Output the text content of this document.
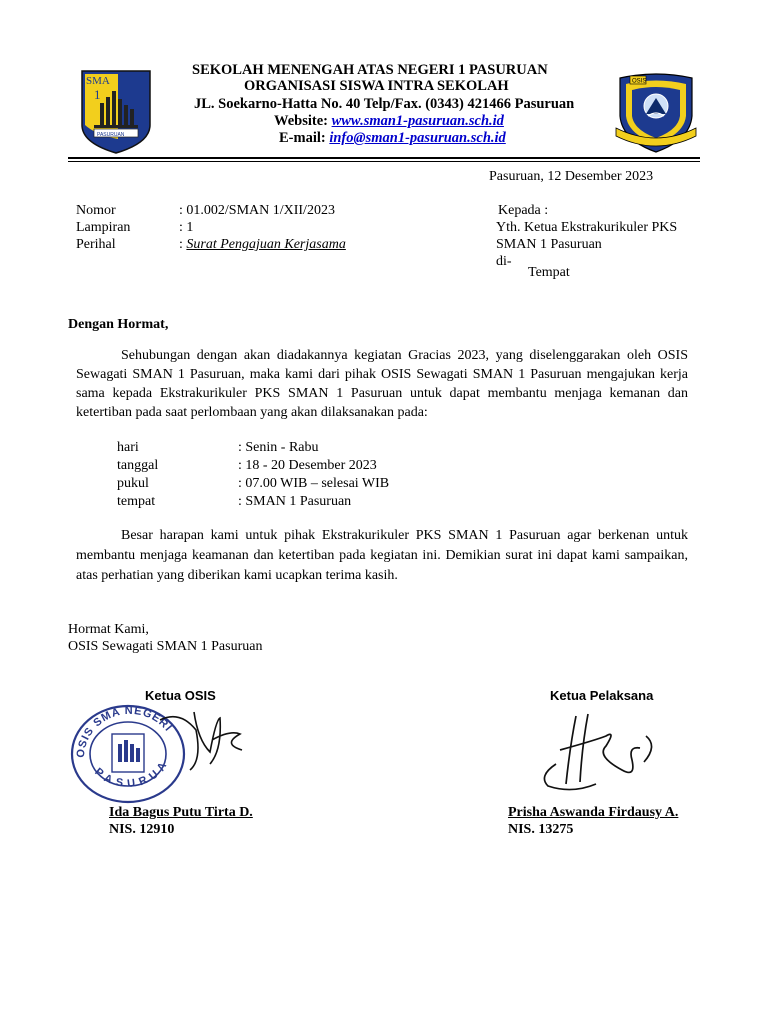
SMA
1
PASURUAN
OSIS
SEKOLAH MENENGAH ATAS NEGERI 1 PASURUAN
ORGANISASI SISWA INTRA SEKOLAH
JL. Soekarno-Hatta No. 40 Telp/Fax. (0343) 421466 Pasuruan
Website: www.sman1-pasuruan.sch.id
E-mail: info@sman1-pasuruan.sch.id
Pasuruan, 12 Desember 2023
Nomor	: 01.002/SMAN 1/XII/2023
Lampiran	: 1
Perihal	: Surat Pengajuan Kerjasama
Kepada :
Yth. Ketua Ekstrakurikuler PKS
SMAN 1 Pasuruan
di-
Tempat
Dengan Hormat,

Sehubungan dengan akan diadakannya kegiatan Gracias 2023, yang diselenggarakan oleh OSIS Sewagati SMAN 1 Pasuruan, maka kami dari pihak OSIS Sewagati SMAN 1 Pasuruan mengajukan kerja sama kepada Ekstrakurikuler PKS SMAN 1 Pasuruan untuk dapat membantu menjaga kemanan dan ketertiban pada saat perlombaan yang akan dilaksanakan pada:

hari	: Senin - Rabu
tanggal	: 18 - 20 Desember 2023
pukul	: 07.00 WIB – selesai WIB
tempat	: SMAN 1 Pasuruan

Besar harapan kami untuk pihak Ekstrakurikuler PKS SMAN 1 Pasuruan agar berkenan untuk membantu menjaga keamanan dan ketertiban pada kegiatan ini. Demikian surat ini dapat kami sampaikan, atas perhatian yang diberikan kami ucapkan terima kasih.

Hormat Kami,
OSIS Sewagati SMAN 1 Pasuruan
Ketua OSIS	Ketua Pelaksana
OSIS SMA NEGERI
PASURUA
Ida Bagus Putu Tirta D.
NIS. 12910
Prisha Aswanda Firdausy A.
NIS. 13275
